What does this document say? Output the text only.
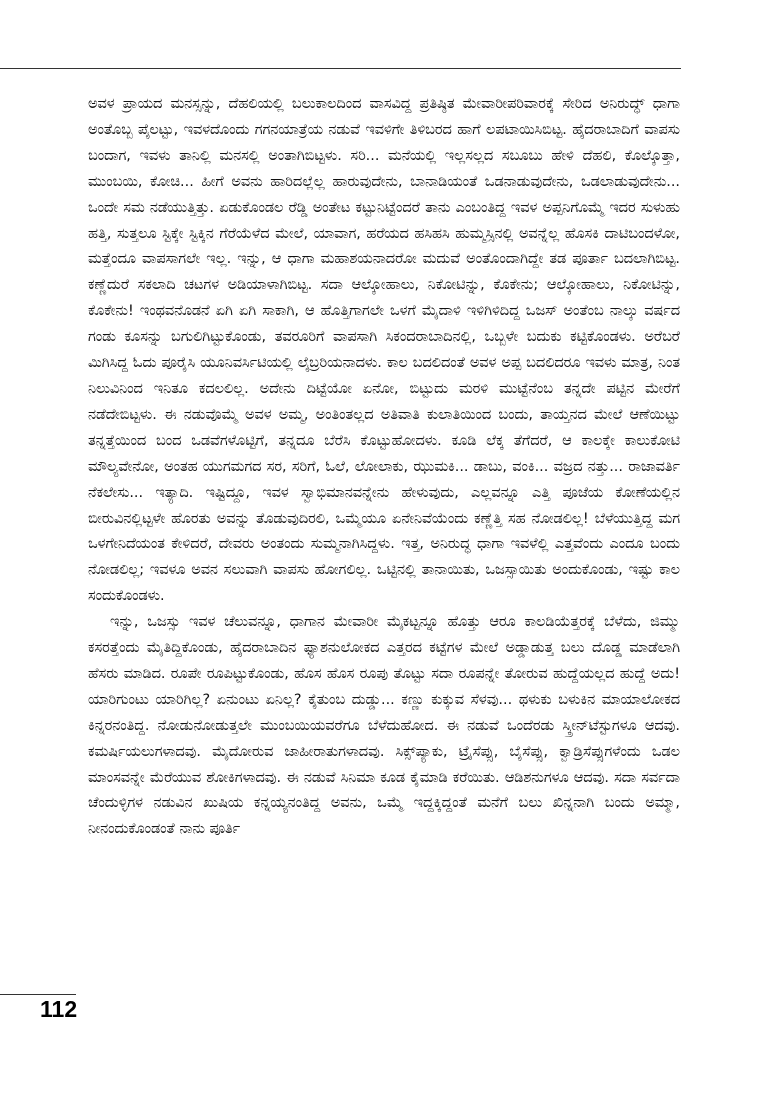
ಅವಳ ಪ್ರಾಯದ ಮನಸ್ಸನ್ನು, ದೆಹಲಿಯಲ್ಲಿ ಬಲುಕಾಲದಿಂದ ವಾಸವಿದ್ದ ಪ್ರತಿಷ್ಠಿತ ಮೇವಾರೀಪರಿವಾರಕ್ಕೆ ಸೇರಿದ ಅನಿರುದ್ಧ್ ಧಾಗಾ ಅಂತೊಬ್ಬ ಪೈಲಟ್ಟು, ಇವಳದೊಂದು ಗಗನಯಾತ್ರೆಯ ನಡುವೆ ಇವಳಿಗೇ ತಿಳಿಬರದ ಹಾಗೆ ಲಪಟಾಯಿಸಿಬಿಟ್ಟ. ಹೈದರಾಬಾದಿಗೆ ವಾಪಸು ಬಂದಾಗ, ಇವಳು ತಾನಿಲ್ಲಿ ಮನಸಲ್ಲಿ ಅಂತಾಗಿಬಿಟ್ಟಳು. ಸರಿ... ಮನೆಯಲ್ಲಿ ಇಲ್ಲಸಲ್ಲದ ಸಬೂಬು ಹೇಳಿ ದೆಹಲಿ, ಕೊಲ್ಕೊತ್ತಾ, ಮುಂಬಯಿ, ಕೋಚಿ... ಹೀಗೆ ಅವನು ಹಾರಿದಲ್ಲೆಲ್ಲ ಹಾರುವುದೇನು, ಬಾನಾಡಿಯಂತೆ ಒಡನಾಡುವುದೇನು, ಒಡಲಾಡುವುದೇನು... ಒಂದೇ ಸಮ ನಡೆಯುತ್ತಿತ್ತು. ಏಡುಕೊಂಡಲ ರೆಡ್ಡಿ ಅಂತೇಟ ಕಟ್ಟುನಿಟ್ಟೆಂದರೆ ತಾನು ಎಂಬಂತಿದ್ದ ಇವಳ ಅಪ್ಪನಿಗೊಮ್ಮೆ ಇದರ ಸುಳುಹು ಹತ್ತಿ, ಸುತ್ತಲೂ ಸ್ಟಿಕ್ಕೇ ಸ್ಟಿಕ್ಕಿನ ಗೆರೆಯೆಳೆದ ಮೇಲೆ, ಯಾವಾಗ, ಹರೆಯದ ಹಸಿಹಸಿ ಹುಮ್ಮಸ್ಸಿನಲ್ಲಿ ಅವನ್ನೆಲ್ಲ ಹೊಸಕಿ ದಾಟಿಬಂದಳೋ, ಮತ್ತೆಂದೂ ವಾಪಸಾಗಲೇ ಇಲ್ಲ. ಇನ್ನು, ಆ ಧಾಗಾ ಮಹಾಶಯನಾದರೋ ಮದುವೆ ಅಂತೊಂದಾಗಿದ್ದೇ ತಡ ಪೂರ್ತಾ ಬದಲಾಗಿಬಿಟ್ಟ. ಕಣ್ಣೆದುರೆ ಸಕಲಾದಿ ಚಟಗಳ ಅಡಿಯಾಳಾಗಿಬಿಟ್ಟ. ಸದಾ ಆಲ್ಕೋಹಾಲು, ನಿಕೋಟಿನ್ನು, ಕೊಕೇನು; ಆಲ್ಕೋಹಾಲು, ನಿಕೋಟಿನ್ನು, ಕೊಕೇನು! ಇಂಥವನೊಡನೆ ಏಗಿ ಏಗಿ ಸಾಕಾಗಿ, ಆ ಹೊತ್ತಿಗಾಗಲೇ ಒಳಗೆ ಮೈದಾಳಿ ಇಳಿಗಿಳಿದಿದ್ದ ಒಜಸ್ ಅಂತೆಂಬ ನಾಲ್ಕು ವರ್ಷದ ಗಂಡು ಕೂಸನ್ನು ಬಗುಲಿಗಿಟ್ಟುಕೊಂಡು, ತವರೂರಿಗೆ ವಾಪಸಾಗಿ ಸಿಕಂದರಾಬಾದಿನಲ್ಲಿ, ಒಬ್ಬಳೇ ಬದುಕು ಕಟ್ಟಿಕೊಂಡಳು. ಅರೆಬರೆ ಮಿಗಿಸಿದ್ದ ಓದು ಪೂರೈಸಿ ಯೂನಿವರ್ಸಿಟಿಯಲ್ಲಿ ಲೈಬ್ರರಿಯನಾದಳು. ಕಾಲ ಬದಲಿದಂತೆ ಅವಳ ಅಪ್ಪ ಬದಲಿದರೂ ಇವಳು ಮಾತ್ರ, ನಿಂತ ನಿಲುವಿನಿಂದ ಇನಿತೂ ಕದಲಲಿಲ್ಲ. ಅದೇನು ದಿಟ್ಟೆಯೋ ಏನೋ, ಬಿಟ್ಟುದು ಮರಳಿ ಮುಟ್ಟೆನೆಂಬ ತನ್ನದೇ ಪಟ್ಟಿನ ಮೇರೆಗೆ ನಡೆದೇಬಿಟ್ಟಳು. ಈ ನಡುವೊಮ್ಮೆ ಅವಳ ಅಮ್ಮ, ಅಂತಿಂತಲ್ಲದ ಅತಿವಾತಿ ಕುಲಾತಿಯಿಂದ ಬಂದು, ತಾಯ್ತನದ ಮೇಲೆ ಆಣೆಯಿಟ್ಟು ತನ್ನತ್ತೆಯಿಂದ ಬಂದ ಒಡವೆಗಳೊಟ್ಟಿಗೆ, ತನ್ನದೂ ಬೆರೆಸಿ ಕೊಟ್ಟುಹೋದಳು. ಕೂಡಿ ಲೆಕ್ಕ ತೆಗೆದರೆ, ಆ ಕಾಲಕ್ಕೇ ಕಾಲುಕೋಟಿ ಮೌಲ್ಯವೇನೋ, ಅಂತಹ ಯುಗಮಗದ ಸರ, ಸರಿಗೆ, ಓಲೆ, ಲೋಲಾಕು, ಝುಮಕಿ... ಡಾಬು, ವಂಕಿ... ವಜ್ರದ ನತ್ತು... ರಾಜಾವರ್ತಿ ನೆಕಲೇಸು... ಇತ್ಯಾದಿ. ಇಷ್ಟಿದ್ದೂ, ಇವಳ ಸ್ವಾಭಿಮಾನವನ್ನೇನು ಹೇಳುವುದು, ಎಲ್ಲವನ್ನೂ ಎತ್ತಿ ಪೂಜೆಯ ಕೋಣೆಯಲ್ಲಿನ ಬೀರುವಿನಲ್ಲಿಟ್ಟಳೇ ಹೊರತು ಅವನ್ನು ತೊಡುವುದಿರಲಿ, ಒಮ್ಮೆಯೂ ಏನೇನಿವೆಯೆಂದು ಕಣ್ಣೆತ್ತಿ ಸಹ ನೋಡಲಿಲ್ಲ! ಬೆಳೆಯುತ್ತಿದ್ದ ಮಗ ಒಳಗೇನಿದೆಯಂತ ಕೇಳಿದರೆ, ದೇವರು ಅಂತಂದು ಸುಮ್ಮನಾಗಿಸಿದ್ದಳು. ಇತ್ತ, ಅನಿರುದ್ಧ ಧಾಗಾ ಇವಳೆಲ್ಲಿ ಎತ್ತವೆಂದು ಎಂದೂ ಬಂದು ನೋಡಲಿಲ್ಲ; ಇವಳೂ ಅವನ ಸಲುವಾಗಿ ವಾಪಸು ಹೋಗಲಿಲ್ಲ. ಒಟ್ಟಿನಲ್ಲಿ ತಾನಾಯಿತು, ಒಜಸ್ಸಾಯಿತು ಅಂದುಕೊಂಡು, ಇಷ್ಟು ಕಾಲ ಸಂದುಕೊಂಡಳು.

ಇನ್ನು, ಒಜಸ್ಸು ಇವಳ ಚೆಲುವನ್ನೂ, ಧಾಗಾನ ಮೇವಾರೀ ಮೈಕಟ್ಟನ್ನೂ ಹೊತ್ತು ಆರೂ ಕಾಲಡಿಯೆತ್ತರಕ್ಕೆ ಬೆಳೆದು, ಜಿಮ್ಮು ಕಸರತ್ತೆಂದು ಮೈತಿದ್ದಿಕೊಂಡು, ಹೈದರಾಬಾದಿನ ಫ್ಯಾಶನುಲೋಕದ ಎತ್ತರದ ಕಟ್ಟೆಗಳ ಮೇಲೆ ಅಡ್ಡಾಡುತ್ತ ಬಲು ದೊಡ್ಡ ಮಾಡೆಲಾಗಿ ಹೆಸರು ಮಾಡಿದ. ರೂಪೇ ರೂಪಿಟ್ಟುಕೊಂಡು, ಹೊಸ ಹೊಸ ರೂಪು ತೊಟ್ಟು ಸದಾ ರೂಪನ್ನೇ ತೋರುವ ಹುದ್ದೆಯಲ್ಲದ ಹುದ್ದೆ ಅದು! ಯಾರಿಗುಂಟು ಯಾರಿಗಿಲ್ಲ? ಏನುಂಟು ಏನಿಲ್ಲ? ಕೈತುಂಬ ದುಡ್ಡು... ಕಣ್ಣು ಕುಕ್ಕುವ ಸೆಳವು... ಥಳುಕು ಬಳುಕಿನ ಮಾಯಾಲೋಕದ ಕಿನ್ನರನಂತಿದ್ದ. ನೋಡುನೋಡುತ್ತಲೇ ಮುಂಬಯಿಯವರೆಗೂ ಬೆಳೆದುಹೋದ. ಈ ನಡುವೆ ಒಂದೆರಡು ಸ್ಕ್ರೀನ್‌ಟೆಸ್ಟುಗಳೂ ಆದವು. ಕಮರ್ಷಿಯಲುಗಳಾದವು. ಮೈದೋರುವ ಜಾಹೀರಾತುಗಳಾದವು. ಸಿಕ್ಸ್‌ಪ್ಯಾಕು, ಟ್ರೈಸೆಪ್ಸು, ಬೈಸೆಪ್ಸು, ಕ್ವಾಡ್ರಿಸೆಪ್ಸುಗಳೆಂದು ಒಡಲ ಮಾಂಸವನ್ನೇ ಮೆರೆಯುವ ಶೋಕಿಗಳಾದವು. ಈ ನಡುವೆ ಸಿನಿಮಾ ಕೂಡ ಕೈಮಾಡಿ ಕರೆಯಿತು. ಆಡಿಶನುಗಳೂ ಆದವು. ಸದಾ ಸರ್ವದಾ ಚೆಂದುಳ್ಳಿಗಳ ನಡುವಿನ ಖುಷಿಯ ಕನ್ನಯ್ಯನಂತಿದ್ದ ಅವನು, ಒಮ್ಮೆ ಇದ್ದಕ್ಕಿದ್ದಂತೆ ಮನೆಗೆ ಬಲು ಖಿನ್ನನಾಗಿ ಬಂದು ಅಮ್ಮಾ, ನೀನಂದುಕೊಂಡಂತೆ ನಾನು ಪೂರ್ತಿ

112
